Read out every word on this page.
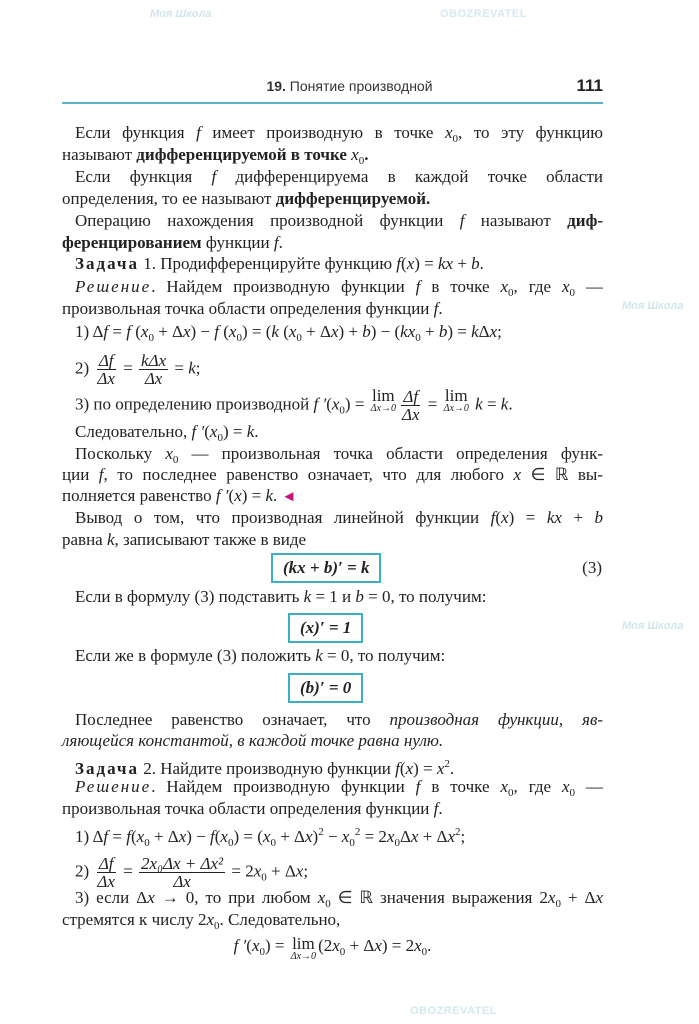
Моя Школа	OBOZREVATEL
Моя Школа
Моя Школа
OBOZREVATEL
19. Понятие производной	111
Если функция f имеет производную в точке $x_0$, то эту функцию
называют дифференцируемой в точке $x_0$.
Если функция f дифференцируема в каждой точке области
определения, то ее называют дифференцируемой.
Операцию нахождения производной функции f называют диф-
ференцированием функции f.
Задача 1. Продифференцируйте функцию f(x) = kx + b.
Решение. Найдем производную функции f в точке $x_0$, где $x_0$ —
произвольная точка области определения функции f.
1) Δf = f $(x_0 + \Delta x) - f$ $(x_0) = (k$ $(x_0 + \Delta x) + b) - (kx_0 + b) = k\Delta x$;
$2) \frac{\Delta f}{\Delta x} = \frac{\text{kΔx}}{\Delta x} = k$;
3) по определению производной f $'(x_0) = \lim$
$\Delta x\to 0 \frac{\Delta f}{\Delta x} = \lim$
Δx→0 k = k.
Следовательно, f $'(x_0) = k$.
Поскольку $x_0$ — произвольная точка области определения функ-
ции f, то последнее равенство означает, что для любого x ∈ ℝ вы-
полняется равенство f ′(x) = k. ◄
Вывод о том, что производная линейной функции f(x) = kx + b
равна k, записывают также в виде
Если в формулу (3) подставить k = 1 и b = 0, то получим:
Если же в формуле (3) положить k = 0, то получим:
Последнее равенство означает, что производная функции, яв-
ляющейся константой, в каждой точке равна нулю.
Задача 2. Найдите производную функции $f(x) = x^2$.
Решение. Найдем производную функции f в точке $x_0$, где $x_0$ —
произвольная точка области определения функции f.
1) $\Delta f = f(x_0 + \Delta x) - f(x_0) = (x_0 + \Delta x)^2 - x_0^2 = 2x_0\Delta x + \Delta x^2$;
$2) \frac{\Delta f}{\Delta x} = \frac{\text{2x₀Δx + Δx²}}{\Delta x} = 2x_0 + \Delta x$;
3) если Δx → 0, то при любом $x_0$ ∈ ℝ значения выражения $2x_0 + \Delta x$
стремятся к числу $2x_0$. Следовательно,
f $'(x_0) = \lim$
Δx→0
$(2x_0 + \Delta x) = 2x_0$.
(kx + b)′ = k	(3)
(x)′ = 1
(b)′ = 0
